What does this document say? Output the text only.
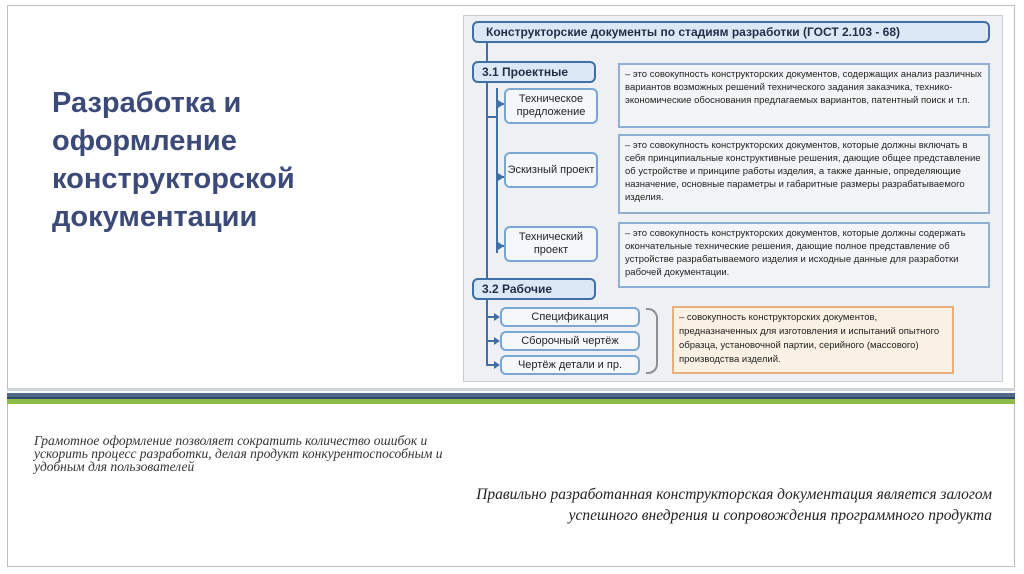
Разработка и оформление конструкторской документации
Конструкторские документы по стадиям разработки (ГОСТ 2.103 - 68)
3.1 Проектные
Техническое предложение
– это совокупность конструкторских документов, содержащих анализ различных вариантов возможных решений технического задания заказчика, технико-экономические обоснования предлагаемых вариантов, патентный поиск и т.п.
Эскизный проект
– это совокупность конструкторских документов, которые должны включать в себя принципиальные конструктивные решения, дающие общее представление об устройстве и принципе работы изделия, а также данные, определяющие назначение, основные параметры и габаритные размеры разрабатываемого изделия.
Технический проект
– это совокупность конструкторских документов, которые должны содержать окончательные технические решения, дающие полное представление об устройстве разрабатываемого изделия и исходные данные для разработки рабочей документации.
3.2 Рабочие
Спецификация
Сборочный чертёж
Чертёж детали и пр.
– совокупность конструкторских документов, предназначенных для изготовления и испытаний опытного образца, установочной партии, серийного (массового) производства изделий.
Грамотное оформление позволяет сократить количество ошибок и ускорить процесс разработки, делая продукт конкурентоспособным и удобным для пользователей
Правильно разработанная конструкторская документация является залогом успешного внедрения и сопровождения программного продукта
